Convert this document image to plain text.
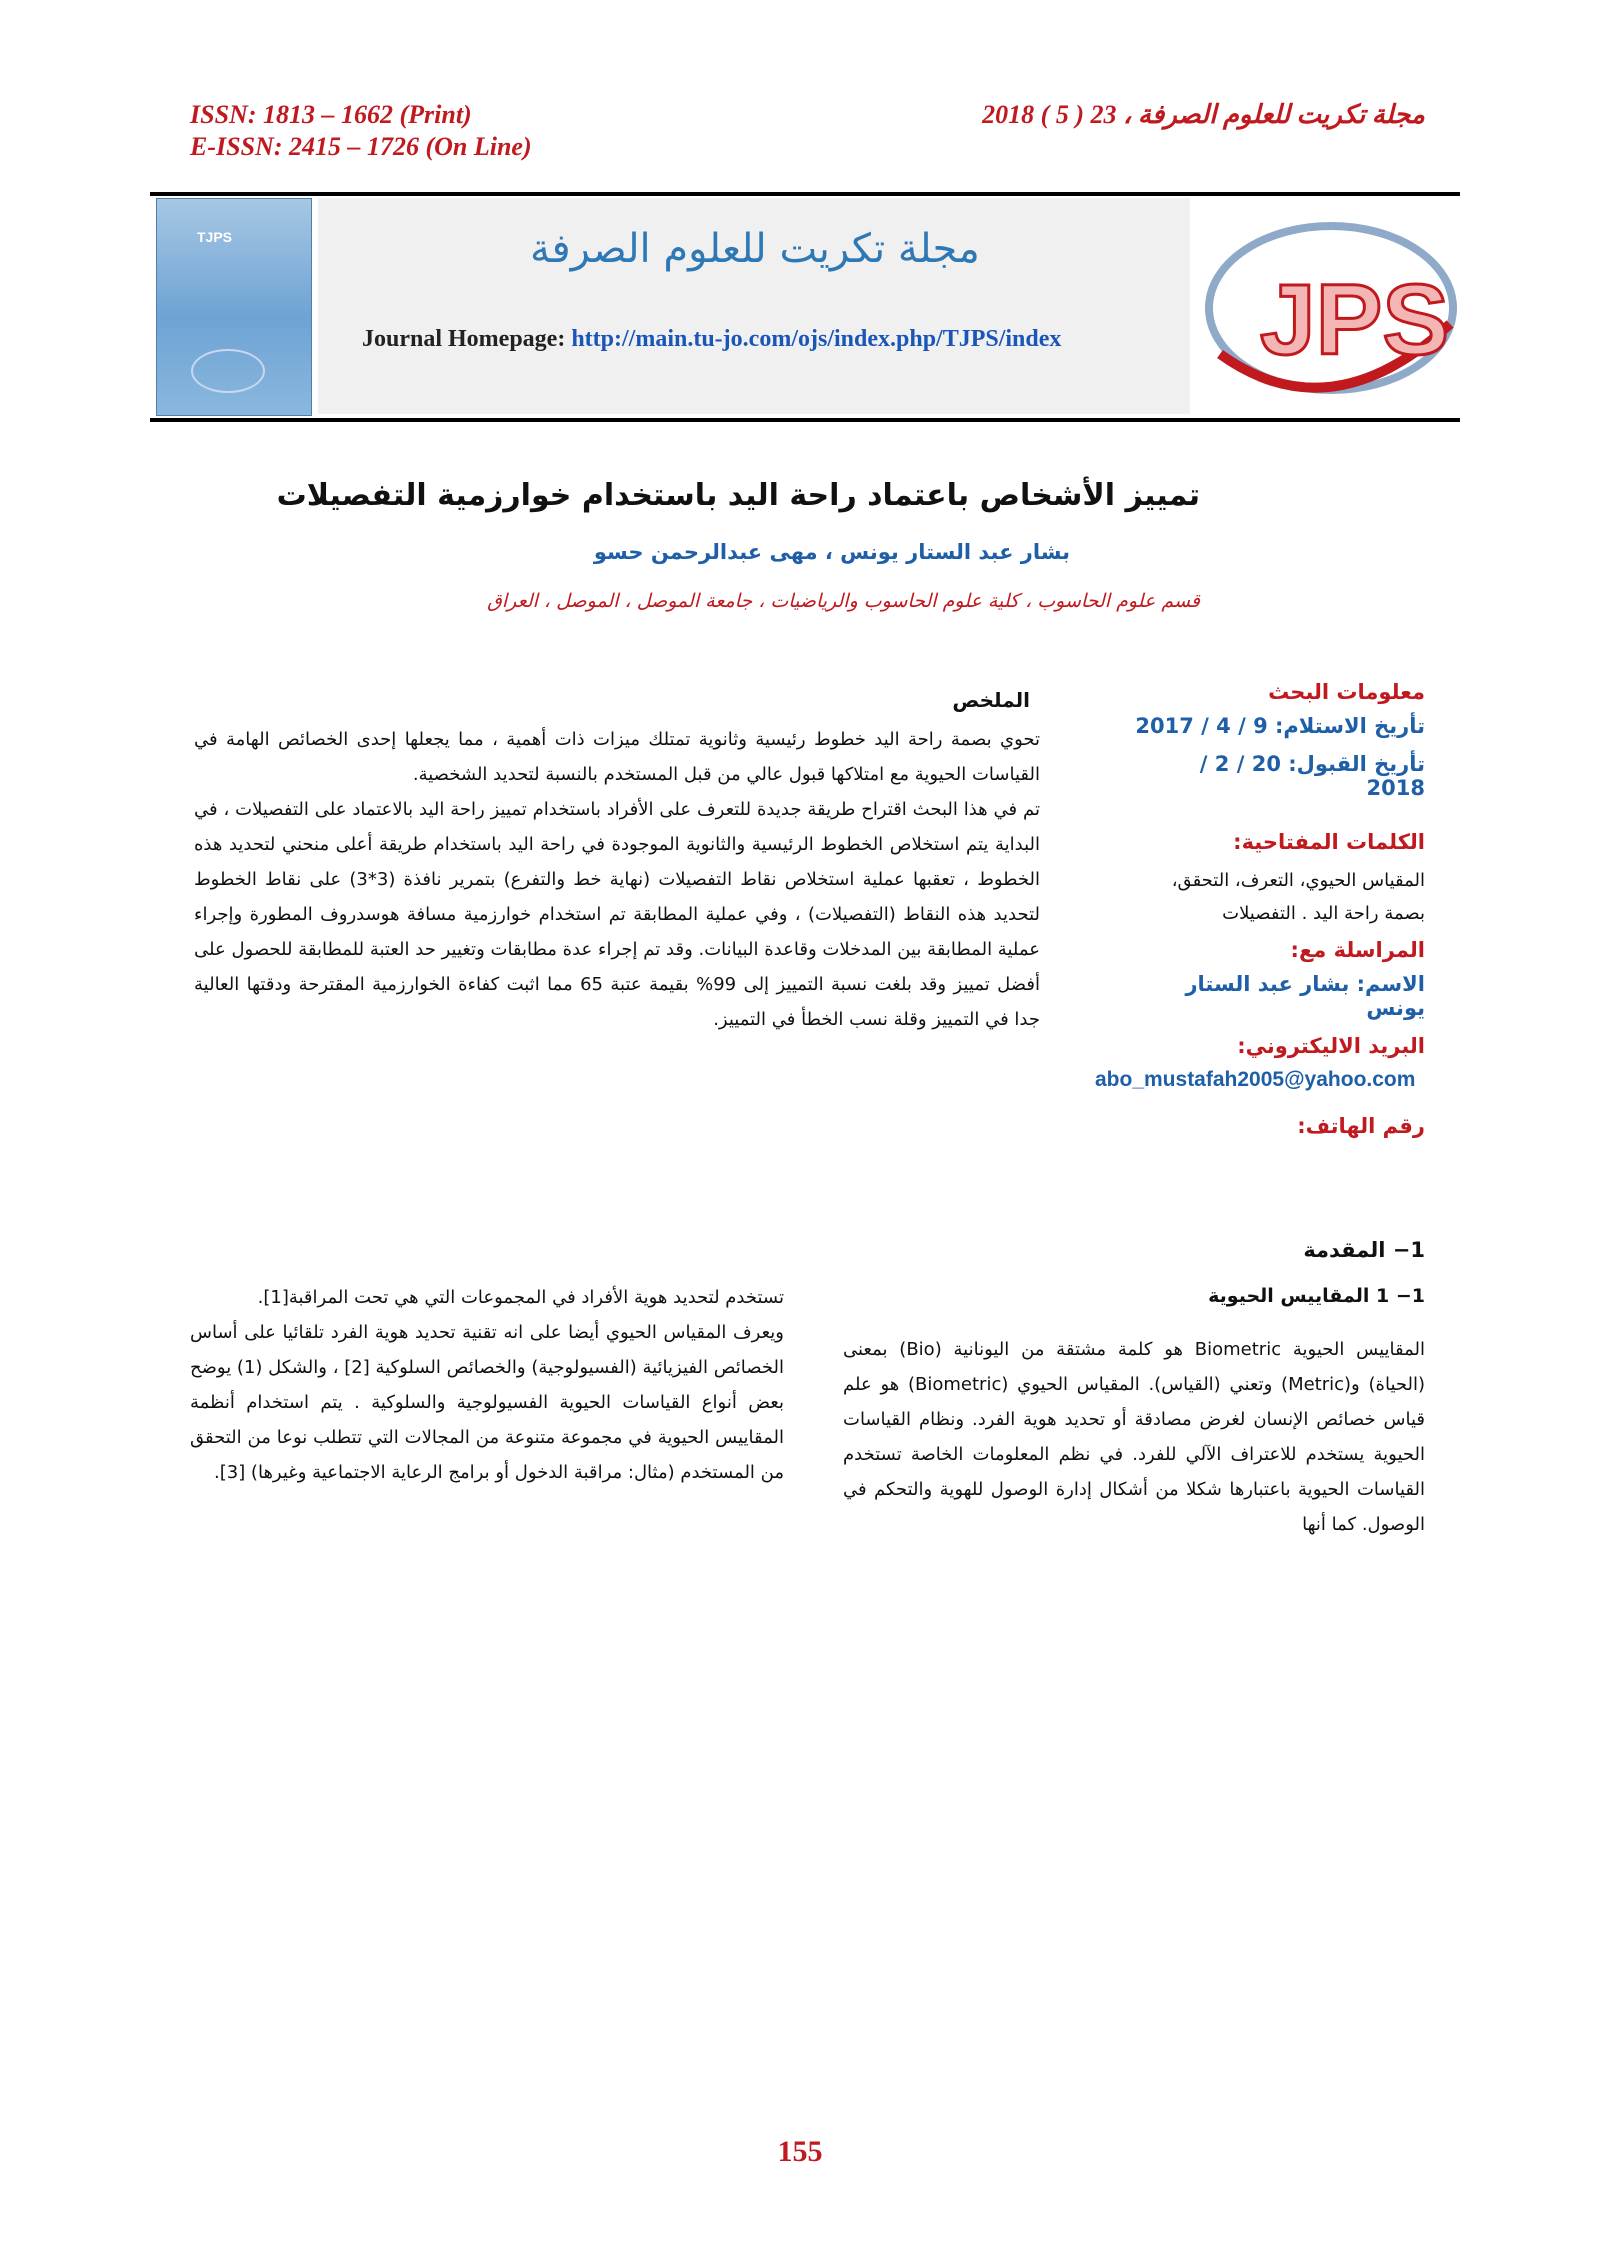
ISSN: 1813 – 1662 (Print)
E-ISSN: 2415 – 1726 (On Line)
مجلة تكريت للعلوم الصرفة ، 23 ( 5 ) 2018
TJPS	مجلة تكريت للعلوم الصرفة
Journal Homepage: http://main.tu-jo.com/ojs/index.php/TJPS/index JPS
تمييز الأشخاص باعتماد راحة اليد باستخدام خوارزمية التفصيلات
بشار عبد الستار يونس ، مهى عبدالرحمن حسو
قسم علوم الحاسوب ، كلية علوم الحاسوب والرياضيات ، جامعة الموصل ، الموصل ، العراق
معلومات البحث
تأريخ الاستلام: 9 / 4 / 2017
تأريخ القبول: 20 / 2 / 2018
الكلمات المفتاحية:
المقياس الحيوي، التعرف، التحقق، بصمة راحة اليد . التفصيلات
المراسلة مع:
الاسم: بشار عبد الستار يونس
البريد الاليكتروني:
abo_mustafah2005@yahoo.com
رقم الهاتف:
الملخص

تحوي بصمة راحة اليد خطوط رئيسية وثانوية تمتلك ميزات ذات أهمية ، مما يجعلها إحدى الخصائص الهامة في القياسات الحيوية مع امتلاكها قبول عالي من قبل المستخدم بالنسبة لتحديد الشخصية.

تم في هذا البحث اقتراح طريقة جديدة للتعرف على الأفراد باستخدام تمييز راحة اليد بالاعتماد على التفصيلات ، في البداية يتم استخلاص الخطوط الرئيسية والثانوية الموجودة في راحة اليد باستخدام طريقة أعلى منحني لتحديد هذه الخطوط ، تعقبها عملية استخلاص نقاط التفصيلات (نهاية خط والتفرع) بتمرير نافذة (3*3) على نقاط الخطوط لتحديد هذه النقاط (التفصيلات) ، وفي عملية المطابقة تم استخدام خوارزمية مسافة هوسدروف المطورة وإجراء عملية المطابقة بين المدخلات وقاعدة البيانات. وقد تم إجراء عدة مطابقات وتغيير حد العتبة للمطابقة للحصول على أفضل تمييز وقد بلغت نسبة التمييز إلى 99% بقيمة عتبة 65 مما اثبت كفاءة الخوارزمية المقترحة ودقتها العالية جدا في التمييز وقلة نسب الخطأ في التمييز.

1− المقدمة
1− 1 المقاييس الحيوية

المقاييس الحيوية Biometric هو كلمة مشتقة من اليونانية (Bio) بمعنى (الحياة) و(Metric) وتعني (القياس). المقياس الحيوي (Biometric) هو علم قياس خصائص الإنسان لغرض مصادقة أو تحديد هوية الفرد. ونظام القياسات الحيوية يستخدم للاعتراف الآلي للفرد. في نظم المعلومات الخاصة تستخدم القياسات الحيوية باعتبارها شكلا من أشكال إدارة الوصول للهوية والتحكم في الوصول. كما أنها

تستخدم لتحديد هوية الأفراد في المجموعات التي هي تحت المراقبة[1].

ويعرف المقياس الحيوي أيضا على انه تقنية تحديد هوية الفرد تلقائيا على أساس الخصائص الفيزيائية (الفسيولوجية) والخصائص السلوكية [2] ، والشكل (1) يوضح بعض أنواع القياسات الحيوية الفسيولوجية والسلوكية . يتم استخدام أنظمة المقاييس الحيوية في مجموعة متنوعة من المجالات التي تتطلب نوعا من التحقق من المستخدم (مثال: مراقبة الدخول أو برامج الرعاية الاجتماعية وغيرها) [3].

155
